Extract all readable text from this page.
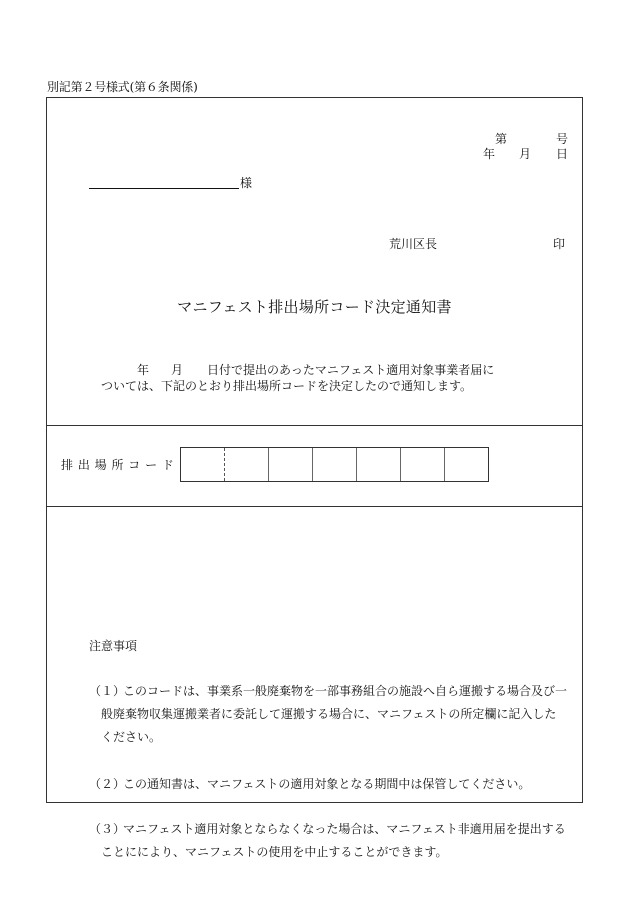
別記第２号様式(第６条関係)
第	号
年 月 日
様
荒川区長	印
マニフェスト排出場所コード決定通知書
年 月 日付で提出のあったマニフェスト適用対象事業者届に
ついては、下記のとおり排出場所コードを決定したので通知します。
排 出 場 所 コ ー ド
注意事項
（１）
このコードは、事業系一般廃棄物を一部事務組合の施設へ自ら運搬する場合及び一
般廃棄物収集運搬業者に委託して運搬する場合に、マニフェストの所定欄に記入した
ください。
（２）
この通知書は、マニフェストの適用対象となる期間中は保管してください。
（３）
マニフェスト適用対象とならなくなった場合は、マニフェスト非適用届を提出する
ことににより、マニフェストの使用を中止することができます。
